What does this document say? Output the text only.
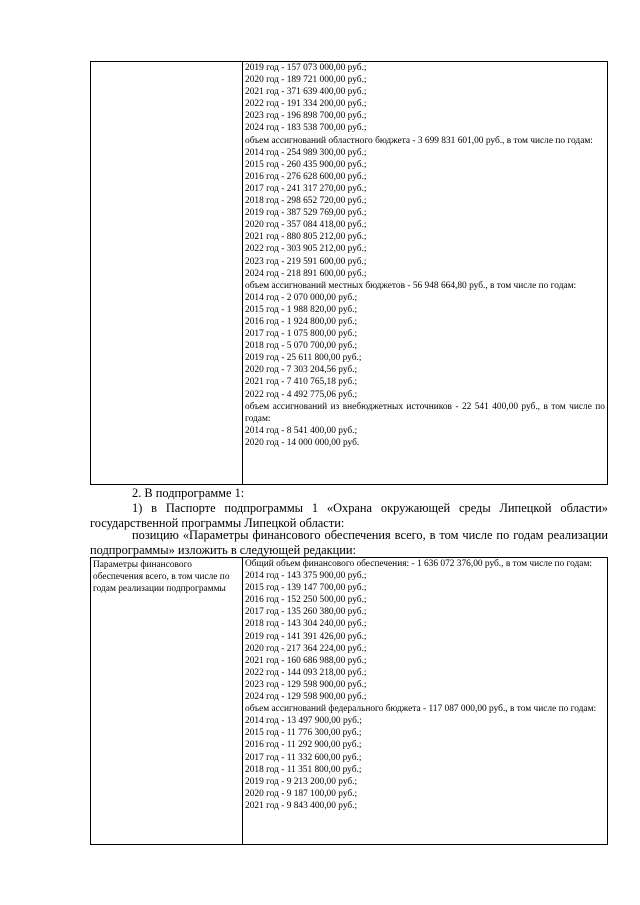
2019 год - 157 073 000,00 руб.;
2020 год - 189 721 000,00 руб.;
2021 год - 371 639 400,00 руб.;
2022 год - 191 334 200,00 руб.;
2023 год - 196 898 700,00 руб.;
2024 год - 183 538 700,00 руб.;
объем ассигнований областного бюджета - 3 699 831 601,00 руб., в том числе по годам:
2014 год - 254 989 300,00 руб.;
2015 год - 260 435 900,00 руб.;
2016 год - 276 628 600,00 руб.;
2017 год - 241 317 270,00 руб.;
2018 год - 298 652 720,00 руб.;
2019 год - 387 529 769,00 руб.;
2020 год - 357 084 418,00 руб.;
2021 год - 880 805 212,00 руб.;
2022 год - 303 905 212,00 руб.;
2023 год - 219 591 600,00 руб.;
2024 год - 218 891 600,00 руб.;
объем ассигнований местных бюджетов - 56 948 664,80 руб., в том числе по годам:
2014 год - 2 070 000,00 руб.;
2015 год - 1 988 820,00 руб.;
2016 год - 1 924 800,00 руб.;
2017 год - 1 075 800,00 руб.;
2018 год - 5 070 700,00 руб.;
2019 год - 25 611 800,00 руб.;
2020 год - 7 303 204,56 руб.;
2021 год - 7 410 765,18 руб.;
2022 год - 4 492 775,06 руб.;
объем ассигнований из внебюджетных источников - 22 541 400,00 руб., в том числе по годам:
2014 год - 8 541 400,00 руб.;
2020 год - 14 000 000,00 руб.
2. В подпрограмме 1:
1) в Паспорте подпрограммы 1 «Охрана окружающей среды Липецкой области» государственной программы Липецкой области:
позицию «Параметры финансового обеспечения всего, в том числе по годам реализации подпрограммы» изложить в следующей редакции:
Параметры финансового обеспечения всего, в том числе по годам реализации подпрограммы
Общий объем финансового обеспечения: - 1 636 072 376,00 руб., в том числе по годам:
2014 год - 143 375 900,00 руб.;
2015 год - 139 147 700,00 руб.;
2016 год - 152 250 500,00 руб.;
2017 год - 135 260 380,00 руб.;
2018 год - 143 304 240,00 руб.;
2019 год - 141 391 426,00 руб.;
2020 год - 217 364 224,00 руб.;
2021 год - 160 686 988,00 руб.;
2022 год - 144 093 218,00 руб.;
2023 год - 129 598 900,00 руб.;
2024 год - 129 598 900,00 руб.;
объем ассигнований федерального бюджета - 117 087 000,00 руб., в том числе по годам:
2014 год - 13 497 900,00 руб.;
2015 год - 11 776 300,00 руб.;
2016 год - 11 292 900,00 руб.;
2017 год - 11 332 600,00 руб.;
2018 год - 11 351 800,00 руб.;
2019 год - 9 213 200,00 руб.;
2020 год - 9 187 100,00 руб.;
2021 год - 9 843 400,00 руб.;
